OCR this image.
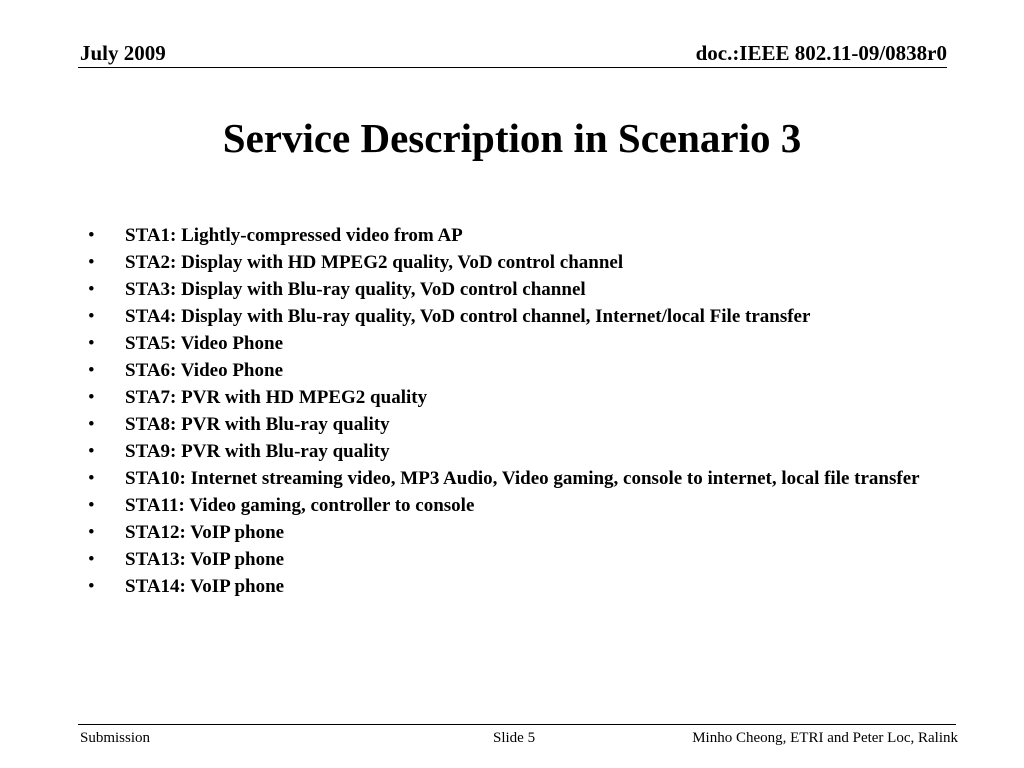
July 2009	doc.:IEEE 802.11-09/0838r0
Service Description in Scenario 3
•	STA1: Lightly-compressed video from AP
•	STA2: Display with HD MPEG2 quality, VoD control channel
•	STA3: Display with Blu-ray quality, VoD control channel
•	STA4: Display with Blu-ray quality, VoD control channel, Internet/local File transfer
•	STA5: Video Phone
•	STA6: Video Phone
•	STA7: PVR with HD MPEG2 quality
•	STA8: PVR with Blu-ray quality
•	STA9: PVR with Blu-ray quality
•	STA10: Internet streaming video, MP3 Audio, Video gaming, console to internet, local file transfer
•	STA11: Video gaming, controller to console
•	STA12: VoIP phone
•	STA13: VoIP phone
•	STA14: VoIP phone
Submission	Slide 5	Minho Cheong, ETRI and Peter Loc, Ralink
